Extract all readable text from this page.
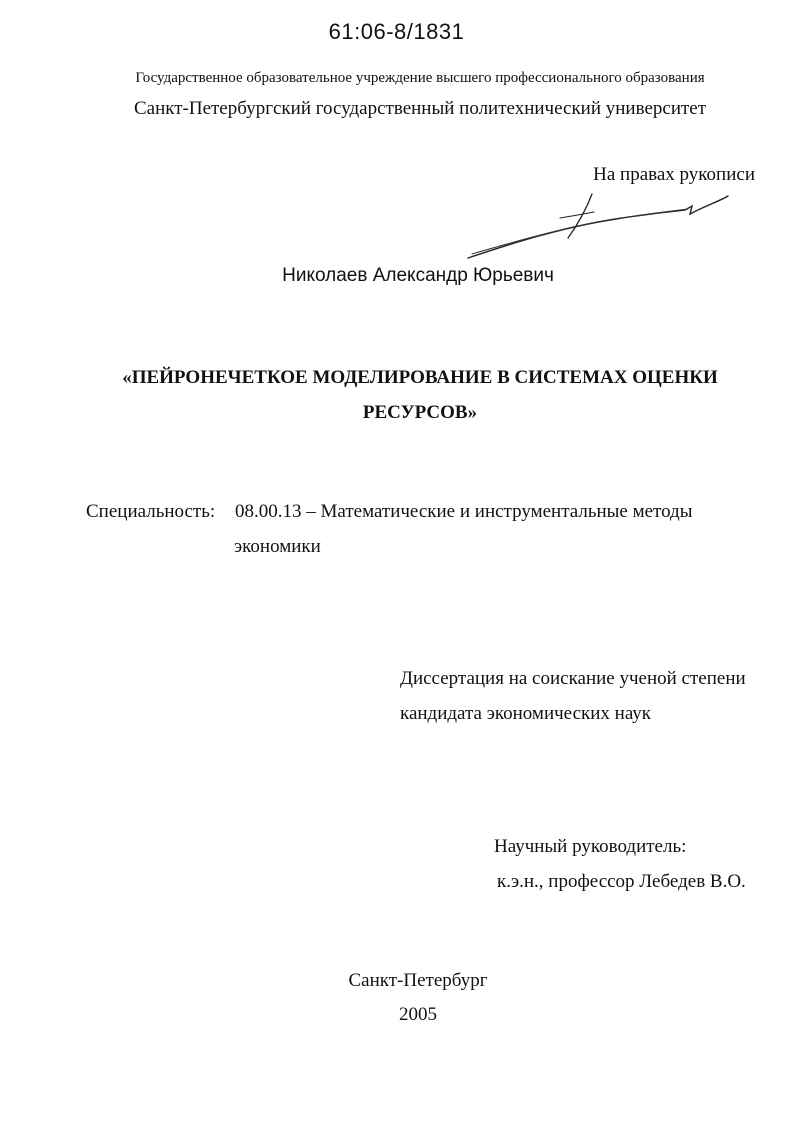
61:06-8/1831
Государственное образовательное учреждение высшего профессионального образования
Санкт-Петербургский государственный политехнический университет
На правах рукописи
Николаев Александр Юрьевич
«ПЕЙРОНЕЧЕТКОЕ МОДЕЛИРОВАНИЕ В СИСТЕМАХ ОЦЕНКИ
РЕСУРСОВ»
Специальность: 08.00.13 – Математические и инструментальные методы
экономики
Диссертация на соискание ученой степени
кандидата экономических наук
Научный руководитель:
к.э.н., профессор Лебедев В.О.
Санкт-Петербург
2005
